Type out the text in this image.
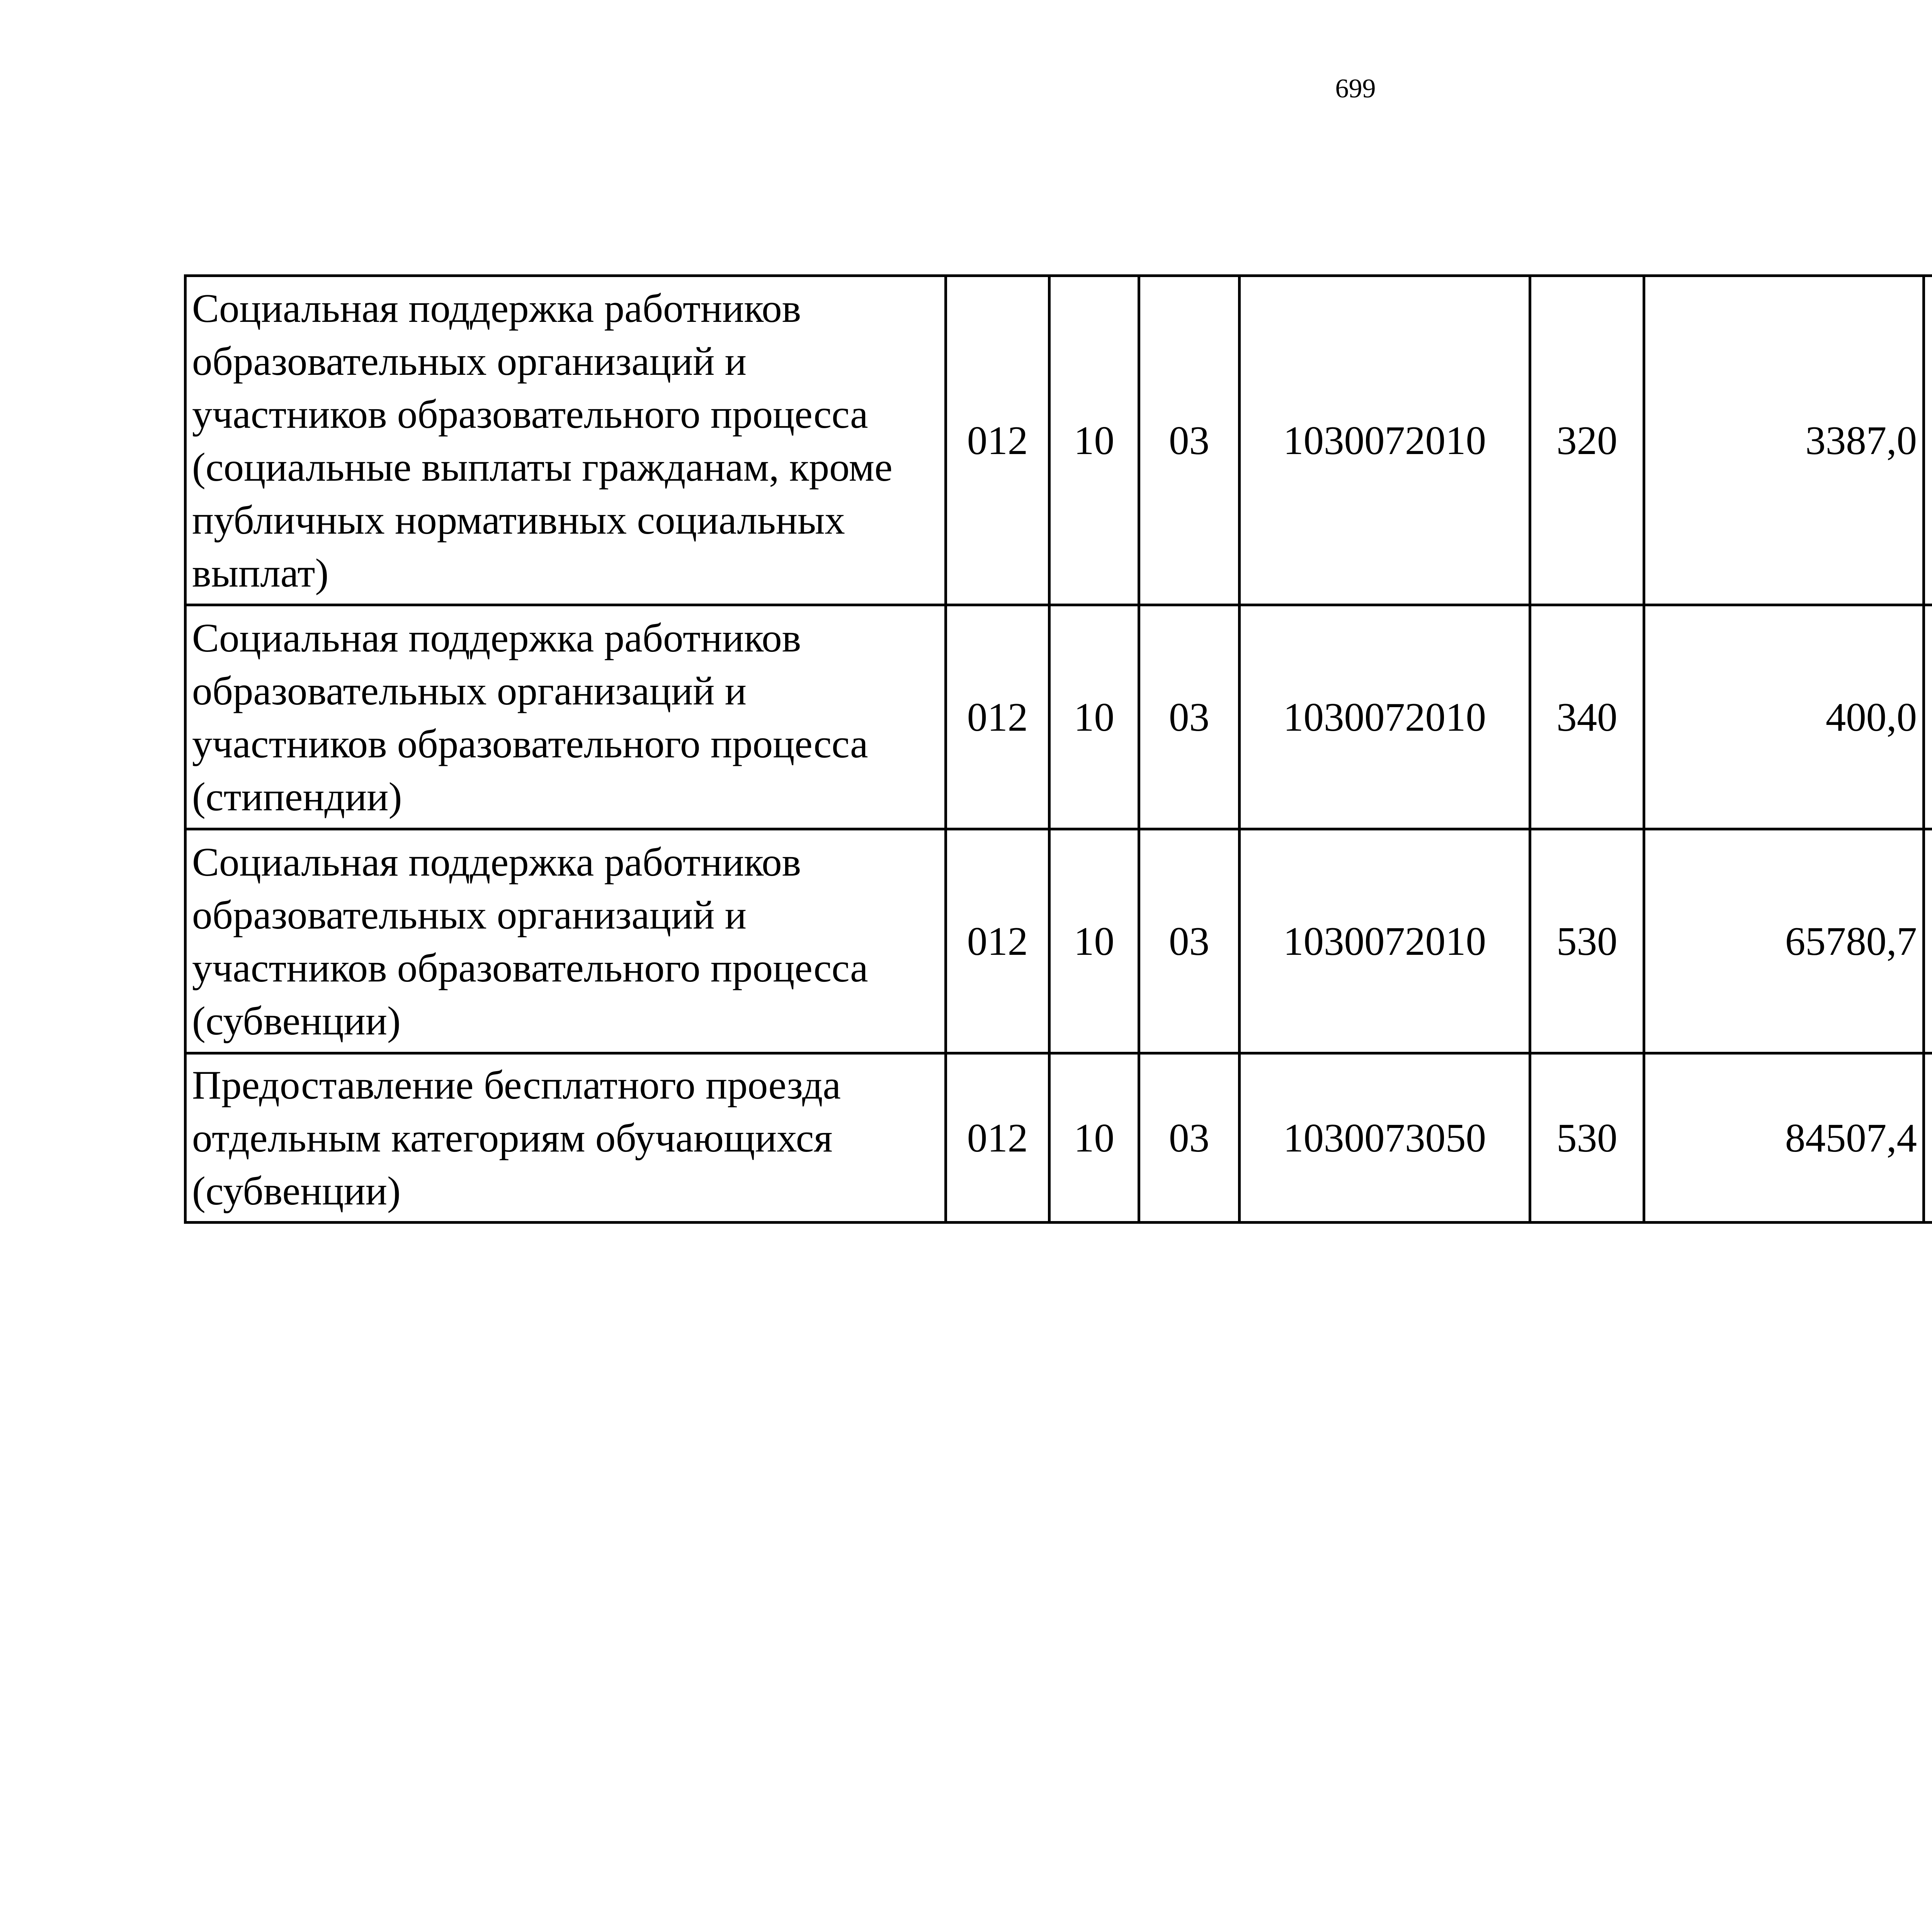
699
Социальная поддержка работников образовательных организаций и участников образовательного процесса (социальные выплаты гражданам, кроме публичных нормативных социальных выплат)	012	10	03	1030072010	320	3387,0		
Социальная поддержка работников образовательных организаций и участников образовательного процесса (стипендии)	012	10	03	1030072010	340	400,0		
Социальная поддержка работников образовательных организаций и участников образовательного процесса (субвенции)	012	10	03	1030072010	530	65780,7		
Предоставление бесплатного проезда отдельным категориям обучающихся (субвенции)	012	10	03	1030073050	530	84507,4		
